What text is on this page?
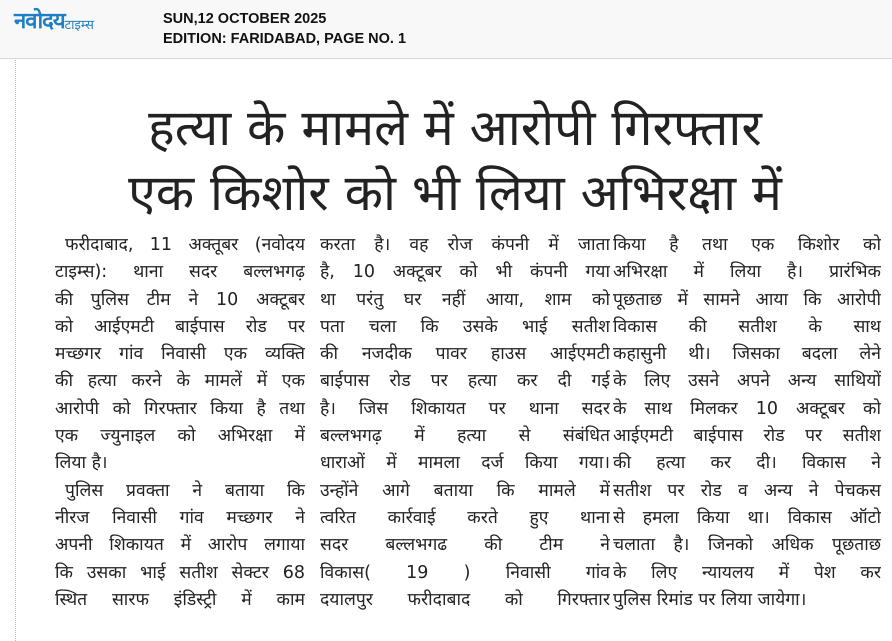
नवोदय टाइम्स	SUN,12 OCTOBER 2025
EDITION: FARIDABAD, PAGE NO. 1
हत्या के मामले में आरोपी गिरफ्तार
एक किशोर को भी लिया अभिरक्षा में
फरीदाबाद, 11 अक्तूबर (नवोदय
टाइम्स): थाना सदर बल्लभगढ़
की पुलिस टीम ने 10 अक्टूबर
को आईएमटी बाईपास रोड पर
मच्छगर गांव निवासी एक व्यक्ति
की हत्या करने के मामलें में एक
आरोपी को गिरफ्तार किया है तथा
एक ज्युनाइल को अभिरक्षा में
लिया है।
पुलिस प्रवक्ता ने बताया कि
नीरज निवासी गांव मच्छगर ने
अपनी शिकायत में आरोप लगाया
कि उसका भाई सतीश सेक्टर 68
स्थित सारफ इंडिस्ट्री में काम
करता है। वह रोज कंपनी में जाता
है, 10 अक्टूबर को भी कंपनी गया
था परंतु घर नहीं आया, शाम को
पता चला कि उसके भाई सतीश
की नजदीक पावर हाउस आईएमटी
बाईपास रोड पर हत्या कर दी गई
है। जिस शिकायत पर थाना सदर
बल्लभगढ़ में हत्या से संबंधित
धाराओं में मामला दर्ज किया गया।
उन्होंने आगे बताया कि मामले में
त्वरित कार्रवाई करते हुए थाना
सदर बल्लभगढ की टीम ने
विकास( 19 ) निवासी गांव
दयालपुर फरीदाबाद को गिरफ्तार
किया है तथा एक किशोर को
अभिरक्षा में लिया है। प्रारंभिक
पूछताछ में सामने आया कि आरोपी
विकास की सतीश के साथ
कहासुनी थी। जिसका बदला लेने
के लिए उसने अपने अन्य साथियों
के साथ मिलकर 10 अक्टूबर को
आईएमटी बाईपास रोड पर सतीश
की हत्या कर दी। विकास ने
सतीश पर रोड व अन्य ने पेचकस
से हमला किया था। विकास ऑटो
चलाता है। जिनको अधिक पूछताछ
के लिए न्यायलय में पेश कर
पुलिस रिमांड पर लिया जायेगा।
